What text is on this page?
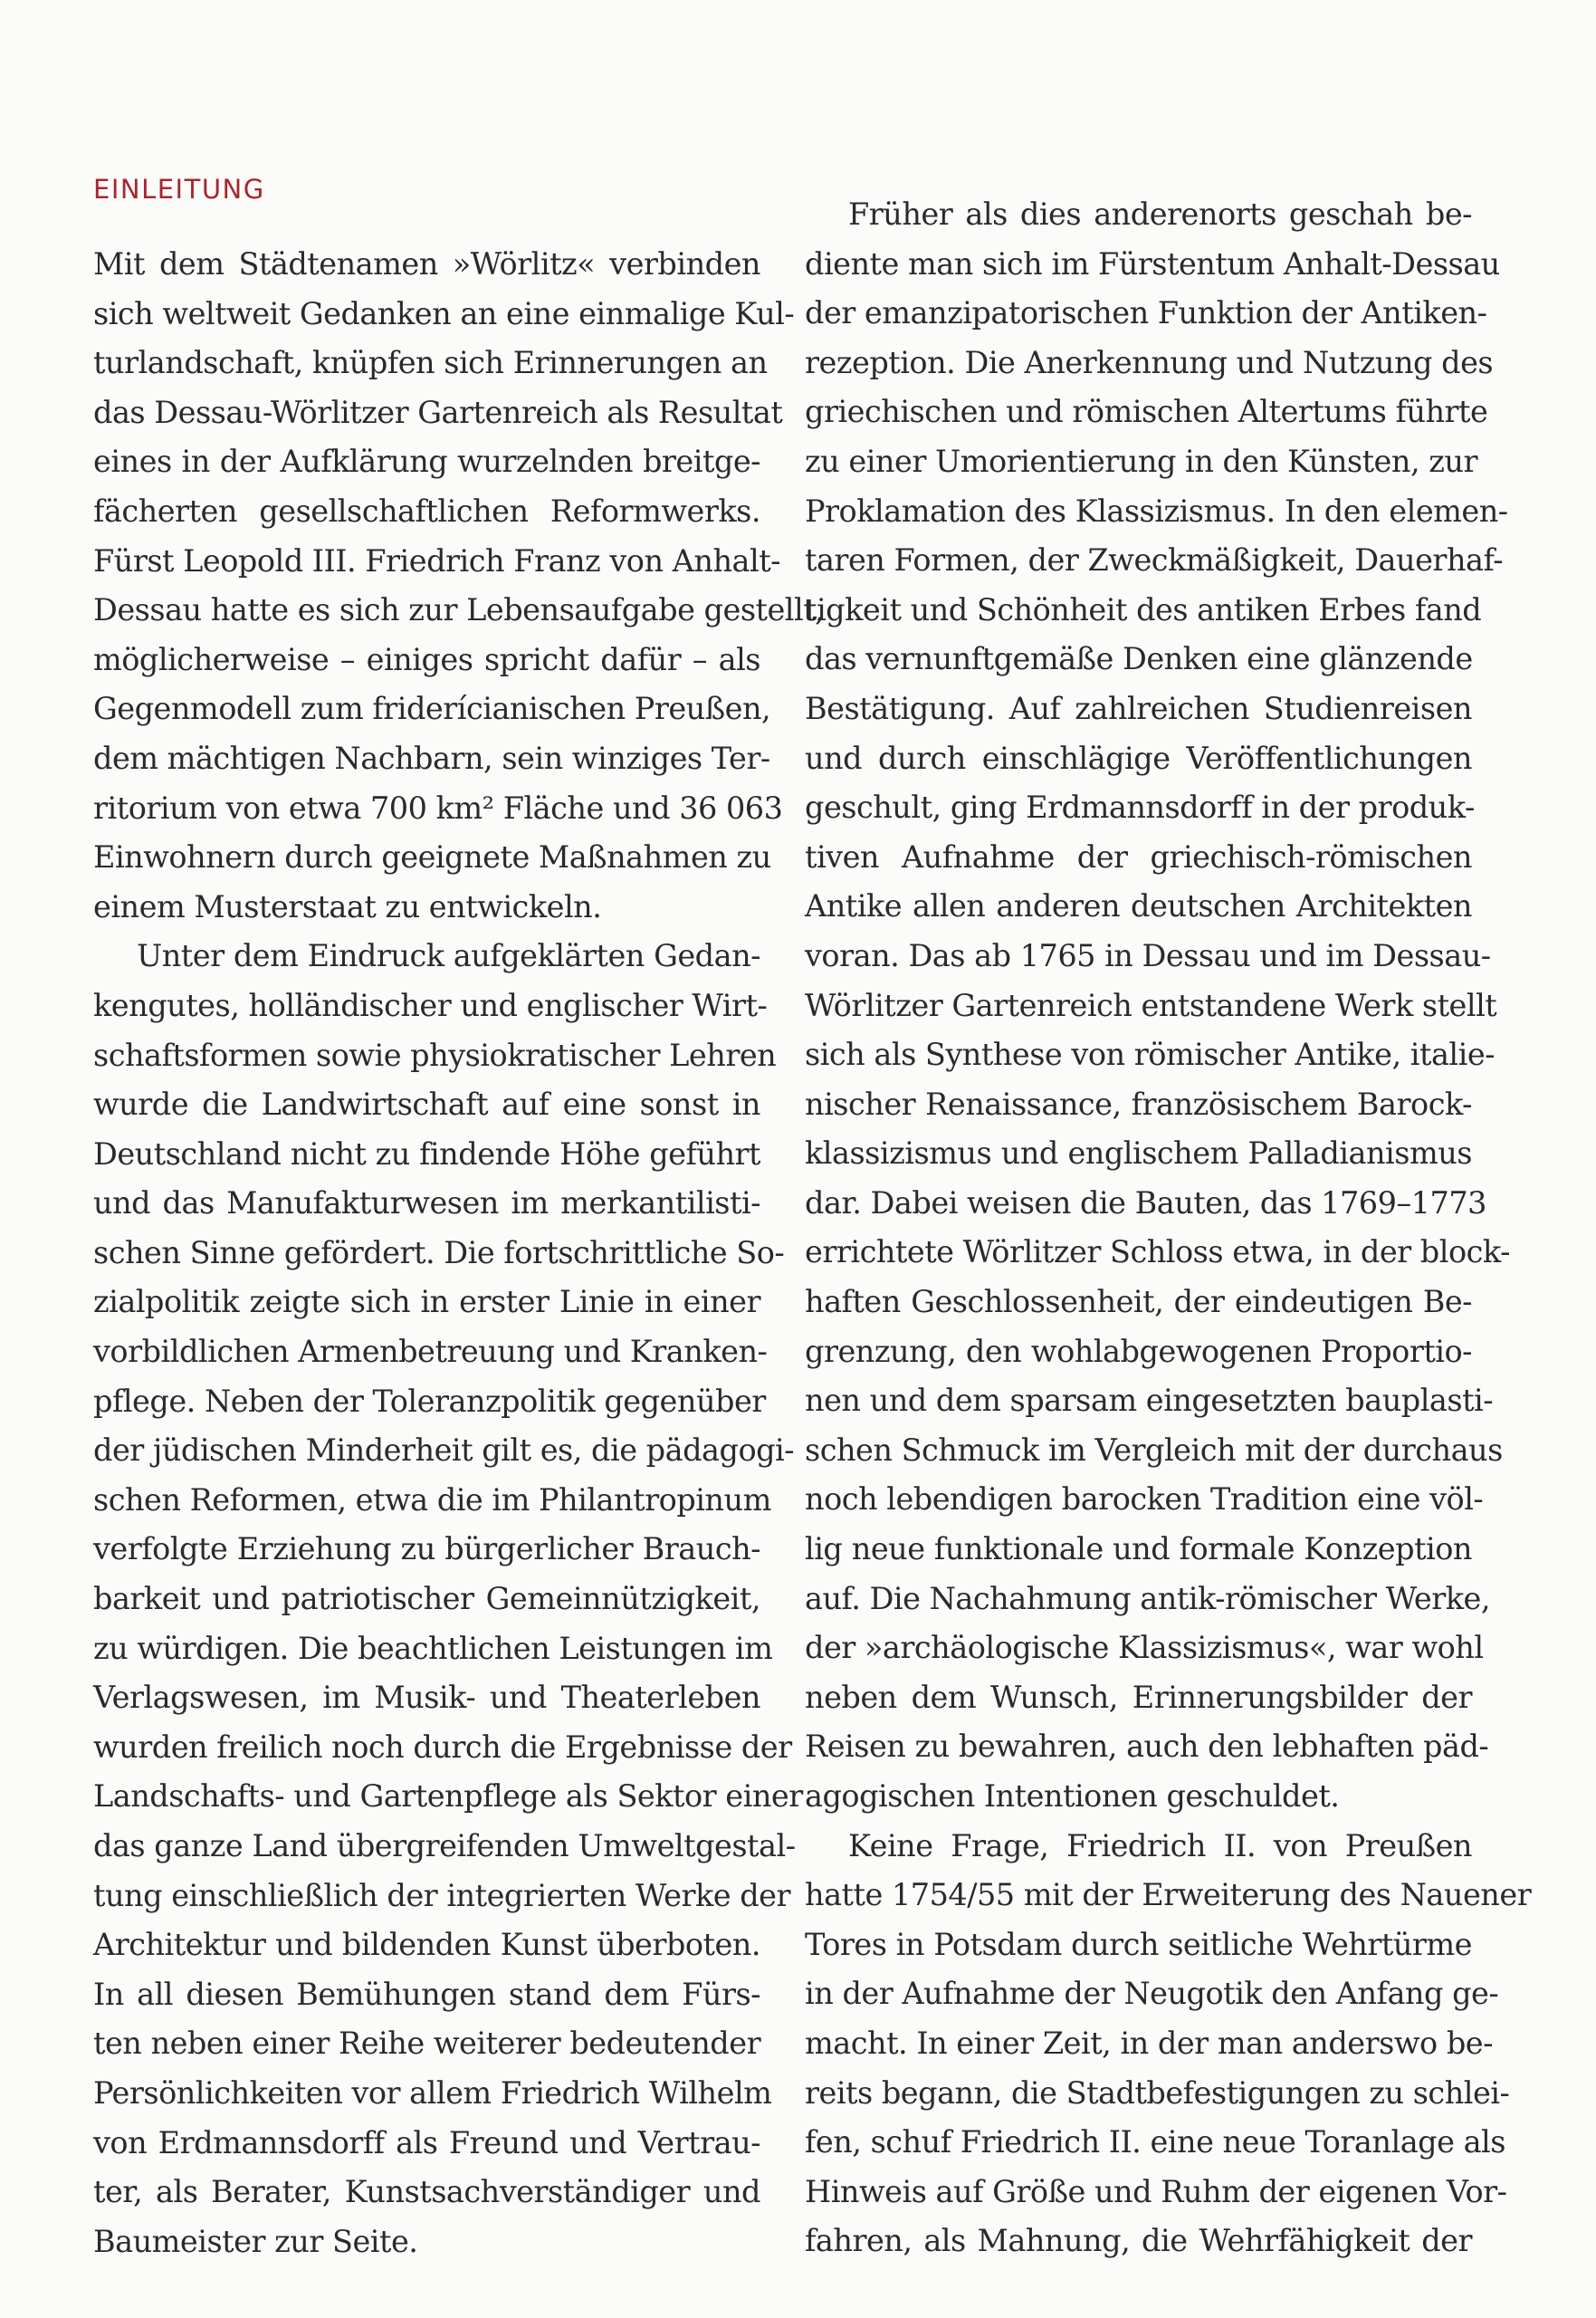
EINLEITUNG
Mit dem Städtenamen »Wörlitz« verbinden
sich weltweit Gedanken an eine einmalige Kul-
turlandschaft, knüpfen sich Erinnerungen an
das Dessau-Wörlitzer Gartenreich als Resultat
eines in der Aufklärung wurzelnden breitge-
fächerten gesellschaftlichen Reformwerks.
Fürst Leopold III. Friedrich Franz von Anhalt-
Dessau hatte es sich zur Lebensaufgabe gestellt,
möglicherweise – einiges spricht dafür – als
Gegenmodell zum friderícianischen Preußen,
dem mächtigen Nachbarn, sein winziges Ter-
ritorium von etwa 700 km² Fläche und 36 063
Einwohnern durch geeignete Maßnahmen zu
einem Musterstaat zu entwickeln.
Unter dem Eindruck aufgeklärten Gedan-
kengutes, holländischer und englischer Wirt-
schaftsformen sowie physiokratischer Lehren
wurde die Landwirtschaft auf eine sonst in
Deutschland nicht zu findende Höhe geführt
und das Manufakturwesen im merkantilisti-
schen Sinne gefördert. Die fortschrittliche So-
zialpolitik zeigte sich in erster Linie in einer
vorbildlichen Armenbetreuung und Kranken-
pflege. Neben der Toleranzpolitik gegenüber
der jüdischen Minderheit gilt es, die pädagogi-
schen Reformen, etwa die im Philantropinum
verfolgte Erziehung zu bürgerlicher Brauch-
barkeit und patriotischer Gemeinnützigkeit,
zu würdigen. Die beachtlichen Leistungen im
Verlagswesen, im Musik- und Theaterleben
wurden freilich noch durch die Ergebnisse der
Landschafts- und Gartenpflege als Sektor einer
das ganze Land übergreifenden Umweltgestal-
tung einschließlich der integrierten Werke der
Architektur und bildenden Kunst überboten.
In all diesen Bemühungen stand dem Fürs-
ten neben einer Reihe weiterer bedeutender
Persönlichkeiten vor allem Friedrich Wilhelm
von Erdmannsdorff als Freund und Vertrau-
ter, als Berater, Kunstsachverständiger und
Baumeister zur Seite.
Früher als dies anderenorts geschah be-
diente man sich im Fürstentum Anhalt-Dessau
der emanzipatorischen Funktion der Antiken-
rezeption. Die Anerkennung und Nutzung des
griechischen und römischen Altertums führte
zu einer Umorientierung in den Künsten, zur
Proklamation des Klassizismus. In den elemen-
taren Formen, der Zweckmäßigkeit, Dauerhaf-
tigkeit und Schönheit des antiken Erbes fand
das vernunftgemäße Denken eine glänzende
Bestätigung. Auf zahlreichen Studienreisen
und durch einschlägige Veröffentlichungen
geschult, ging Erdmannsdorff in der produk-
tiven Aufnahme der griechisch-römischen
Antike allen anderen deutschen Architekten
voran. Das ab 1765 in Dessau und im Dessau-
Wörlitzer Gartenreich entstandene Werk stellt
sich als Synthese von römischer Antike, italie-
nischer Renaissance, französischem Barock-
klassizismus und englischem Palladianismus
dar. Dabei weisen die Bauten, das 1769–1773
errichtete Wörlitzer Schloss etwa, in der block-
haften Geschlossenheit, der eindeutigen Be-
grenzung, den wohlabgewogenen Proportio-
nen und dem sparsam eingesetzten bauplasti-
schen Schmuck im Vergleich mit der durchaus
noch lebendigen barocken Tradition eine völ-
lig neue funktionale und formale Konzeption
auf. Die Nachahmung antik-römischer Werke,
der »archäologische Klassizismus«, war wohl
neben dem Wunsch, Erinnerungsbilder der
Reisen zu bewahren, auch den lebhaften päd-
agogischen Intentionen geschuldet.
Keine Frage, Friedrich II. von Preußen
hatte 1754/55 mit der Erweiterung des Nauener
Tores in Potsdam durch seitliche Wehrtürme
in der Aufnahme der Neugotik den Anfang ge-
macht. In einer Zeit, in der man anderswo be-
reits begann, die Stadtbefestigungen zu schlei-
fen, schuf Friedrich II. eine neue Toranlage als
Hinweis auf Größe und Ruhm der eigenen Vor-
fahren, als Mahnung, die Wehrfähigkeit der
